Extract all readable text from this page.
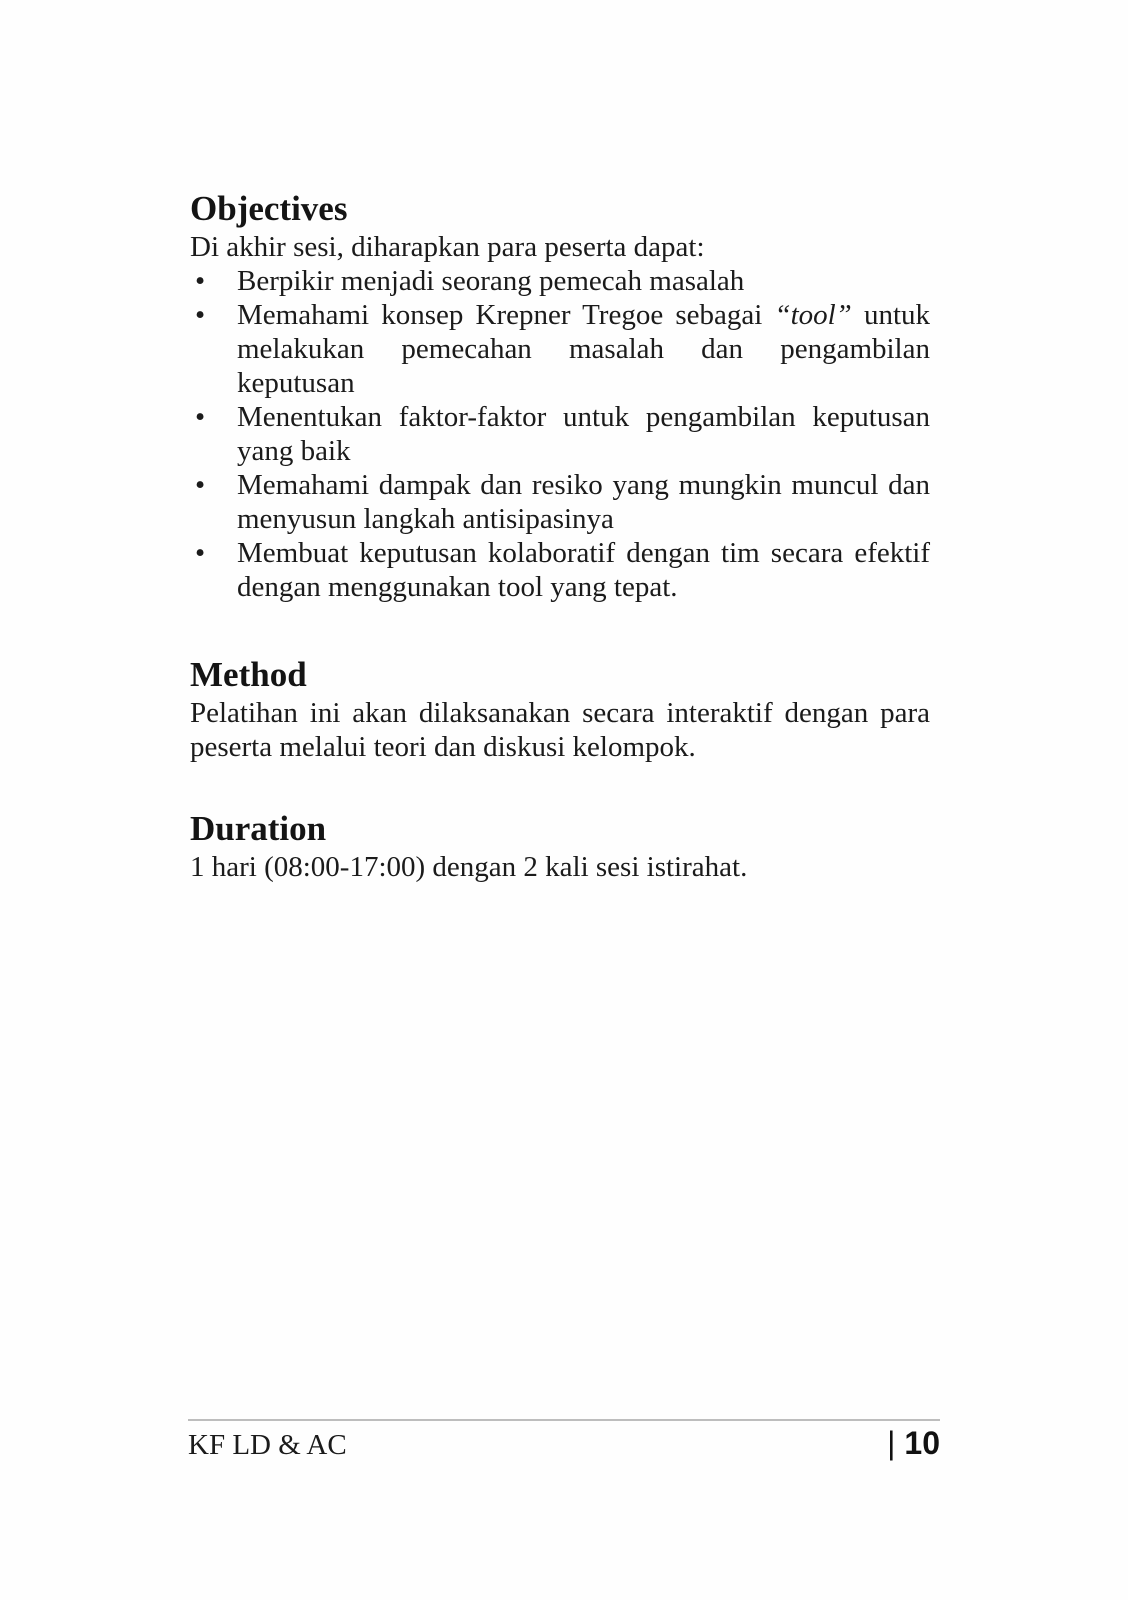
Objectives

Di akhir sesi, diharapkan para peserta dapat:

• Berpikir menjadi seorang pemecah masalah
• Memahami konsep Krepner Tregoe sebagai “tool” untuk melakukan pemecahan masalah dan pengambilan keputusan
• Menentukan faktor-faktor untuk pengambilan keputusan yang baik
• Memahami dampak dan resiko yang mungkin muncul dan menyusun langkah antisipasinya
• Membuat keputusan kolaboratif dengan tim secara efektif dengan menggunakan tool yang tepat.
Method

Pelatihan ini akan dilaksanakan secara interaktif dengan para peserta melalui teori dan diskusi kelompok.

Duration

1 hari (08:00-17:00) dengan 2 kali sesi istirahat.

KF LD & AC	| 10
